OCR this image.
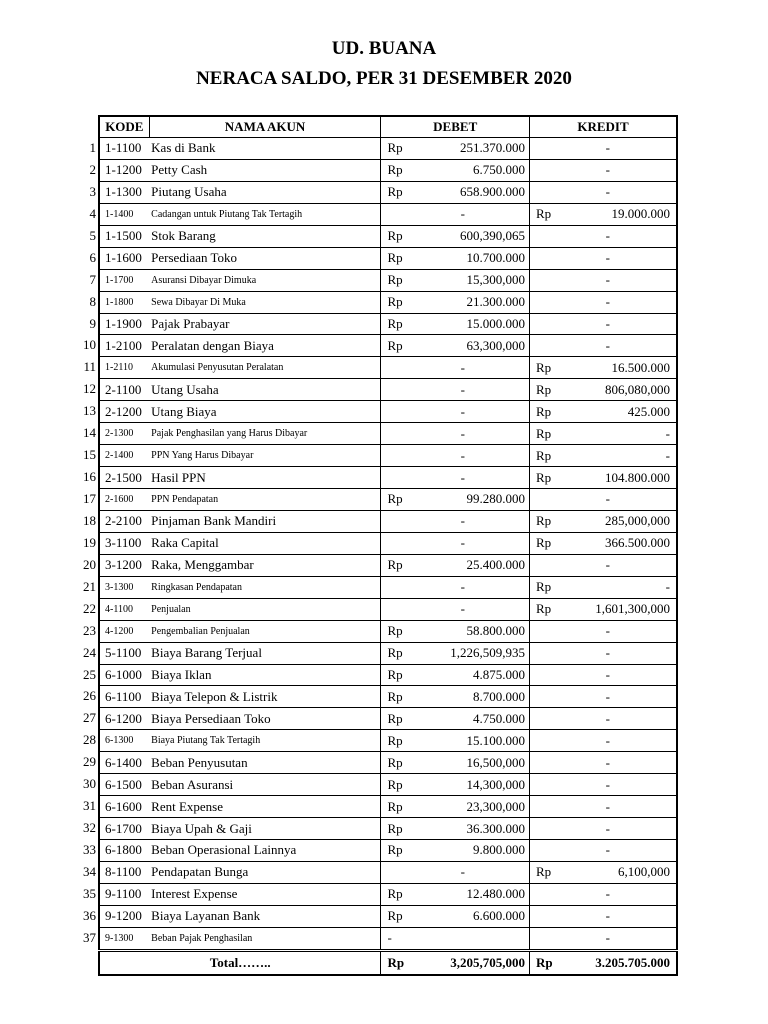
UD. BUANA
NERACA SALDO, PER 31 DESEMBER 2020
1
2
3
4
5
6
7
8
9
10
11
12
13
14
15
16
17
18
19
20
21
22
23
24
25
26
27
28
29
30
31
32
33
34
35
36
37
KODE	NAMA AKUN	DEBET	KREDIT
1-1100	Kas di Bank	Rp 251.370.000	-

1-1200	Petty Cash	Rp 6.750.000	-

1-1300	Piutang Usaha	Rp 658.900.000	-

1-1400	Cadangan untuk Piutang Tak Tertagih	-	Rp 19.000.000

1-1500	Stok Barang	Rp 600,390,065	-

1-1600	Persediaan Toko	Rp 10.700.000	-

1-1700	Asuransi Dibayar Dimuka	Rp 15,300,000	-

1-1800	Sewa Dibayar Di Muka	Rp 21.300.000	-

1-1900	Pajak Prabayar	Rp 15.000.000	-

1-2100	Peralatan dengan Biaya	Rp 63,300,000	-

1-2110	Akumulasi Penyusutan Peralatan	-	Rp 16.500.000

2-1100	Utang Usaha	-	Rp 806,080,000

2-1200	Utang Biaya	-	Rp 425.000

2-1300	Pajak Penghasilan yang Harus Dibayar	-	Rp -

2-1400	PPN Yang Harus Dibayar	-	Rp -

2-1500	Hasil PPN	-	Rp 104.800.000

2-1600	PPN Pendapatan	Rp 99.280.000	-

2-2100	Pinjaman Bank Mandiri	-	Rp 285,000,000

3-1100	Raka Capital	-	Rp 366.500.000

3-1200	Raka, Menggambar	Rp 25.400.000	-

3-1300	Ringkasan Pendapatan	-	Rp -

4-1100	Penjualan	-	Rp 1,601,300,000

4-1200	Pengembalian Penjualan	Rp 58.800.000	-

5-1100	Biaya Barang Terjual	Rp 1,226,509,935	-

6-1000	Biaya Iklan	Rp 4.875.000	-

6-1100	Biaya Telepon & Listrik	Rp 8.700.000	-

6-1200	Biaya Persediaan Toko	Rp 4.750.000	-

6-1300	Biaya Piutang Tak Tertagih	Rp 15.100.000	-

6-1400	Beban Penyusutan	Rp 16,500,000	-

6-1500	Beban Asuransi	Rp 14,300,000	-

6-1600	Rent Expense	Rp 23,300,000	-

6-1700	Biaya Upah & Gaji	Rp 36.300.000	-

6-1800	Beban Operasional Lainnya	Rp 9.800.000	-

8-1100	Pendapatan Bunga	-	Rp 6,100,000

9-1100	Interest Expense	Rp 12.480.000	-

9-1200	Biaya Layanan Bank	Rp 6.600.000	-

9-1300	Beban Pajak Penghasilan	-	-

Total……..		Rp 3,205,705,000	Rp 3.205.705.000
